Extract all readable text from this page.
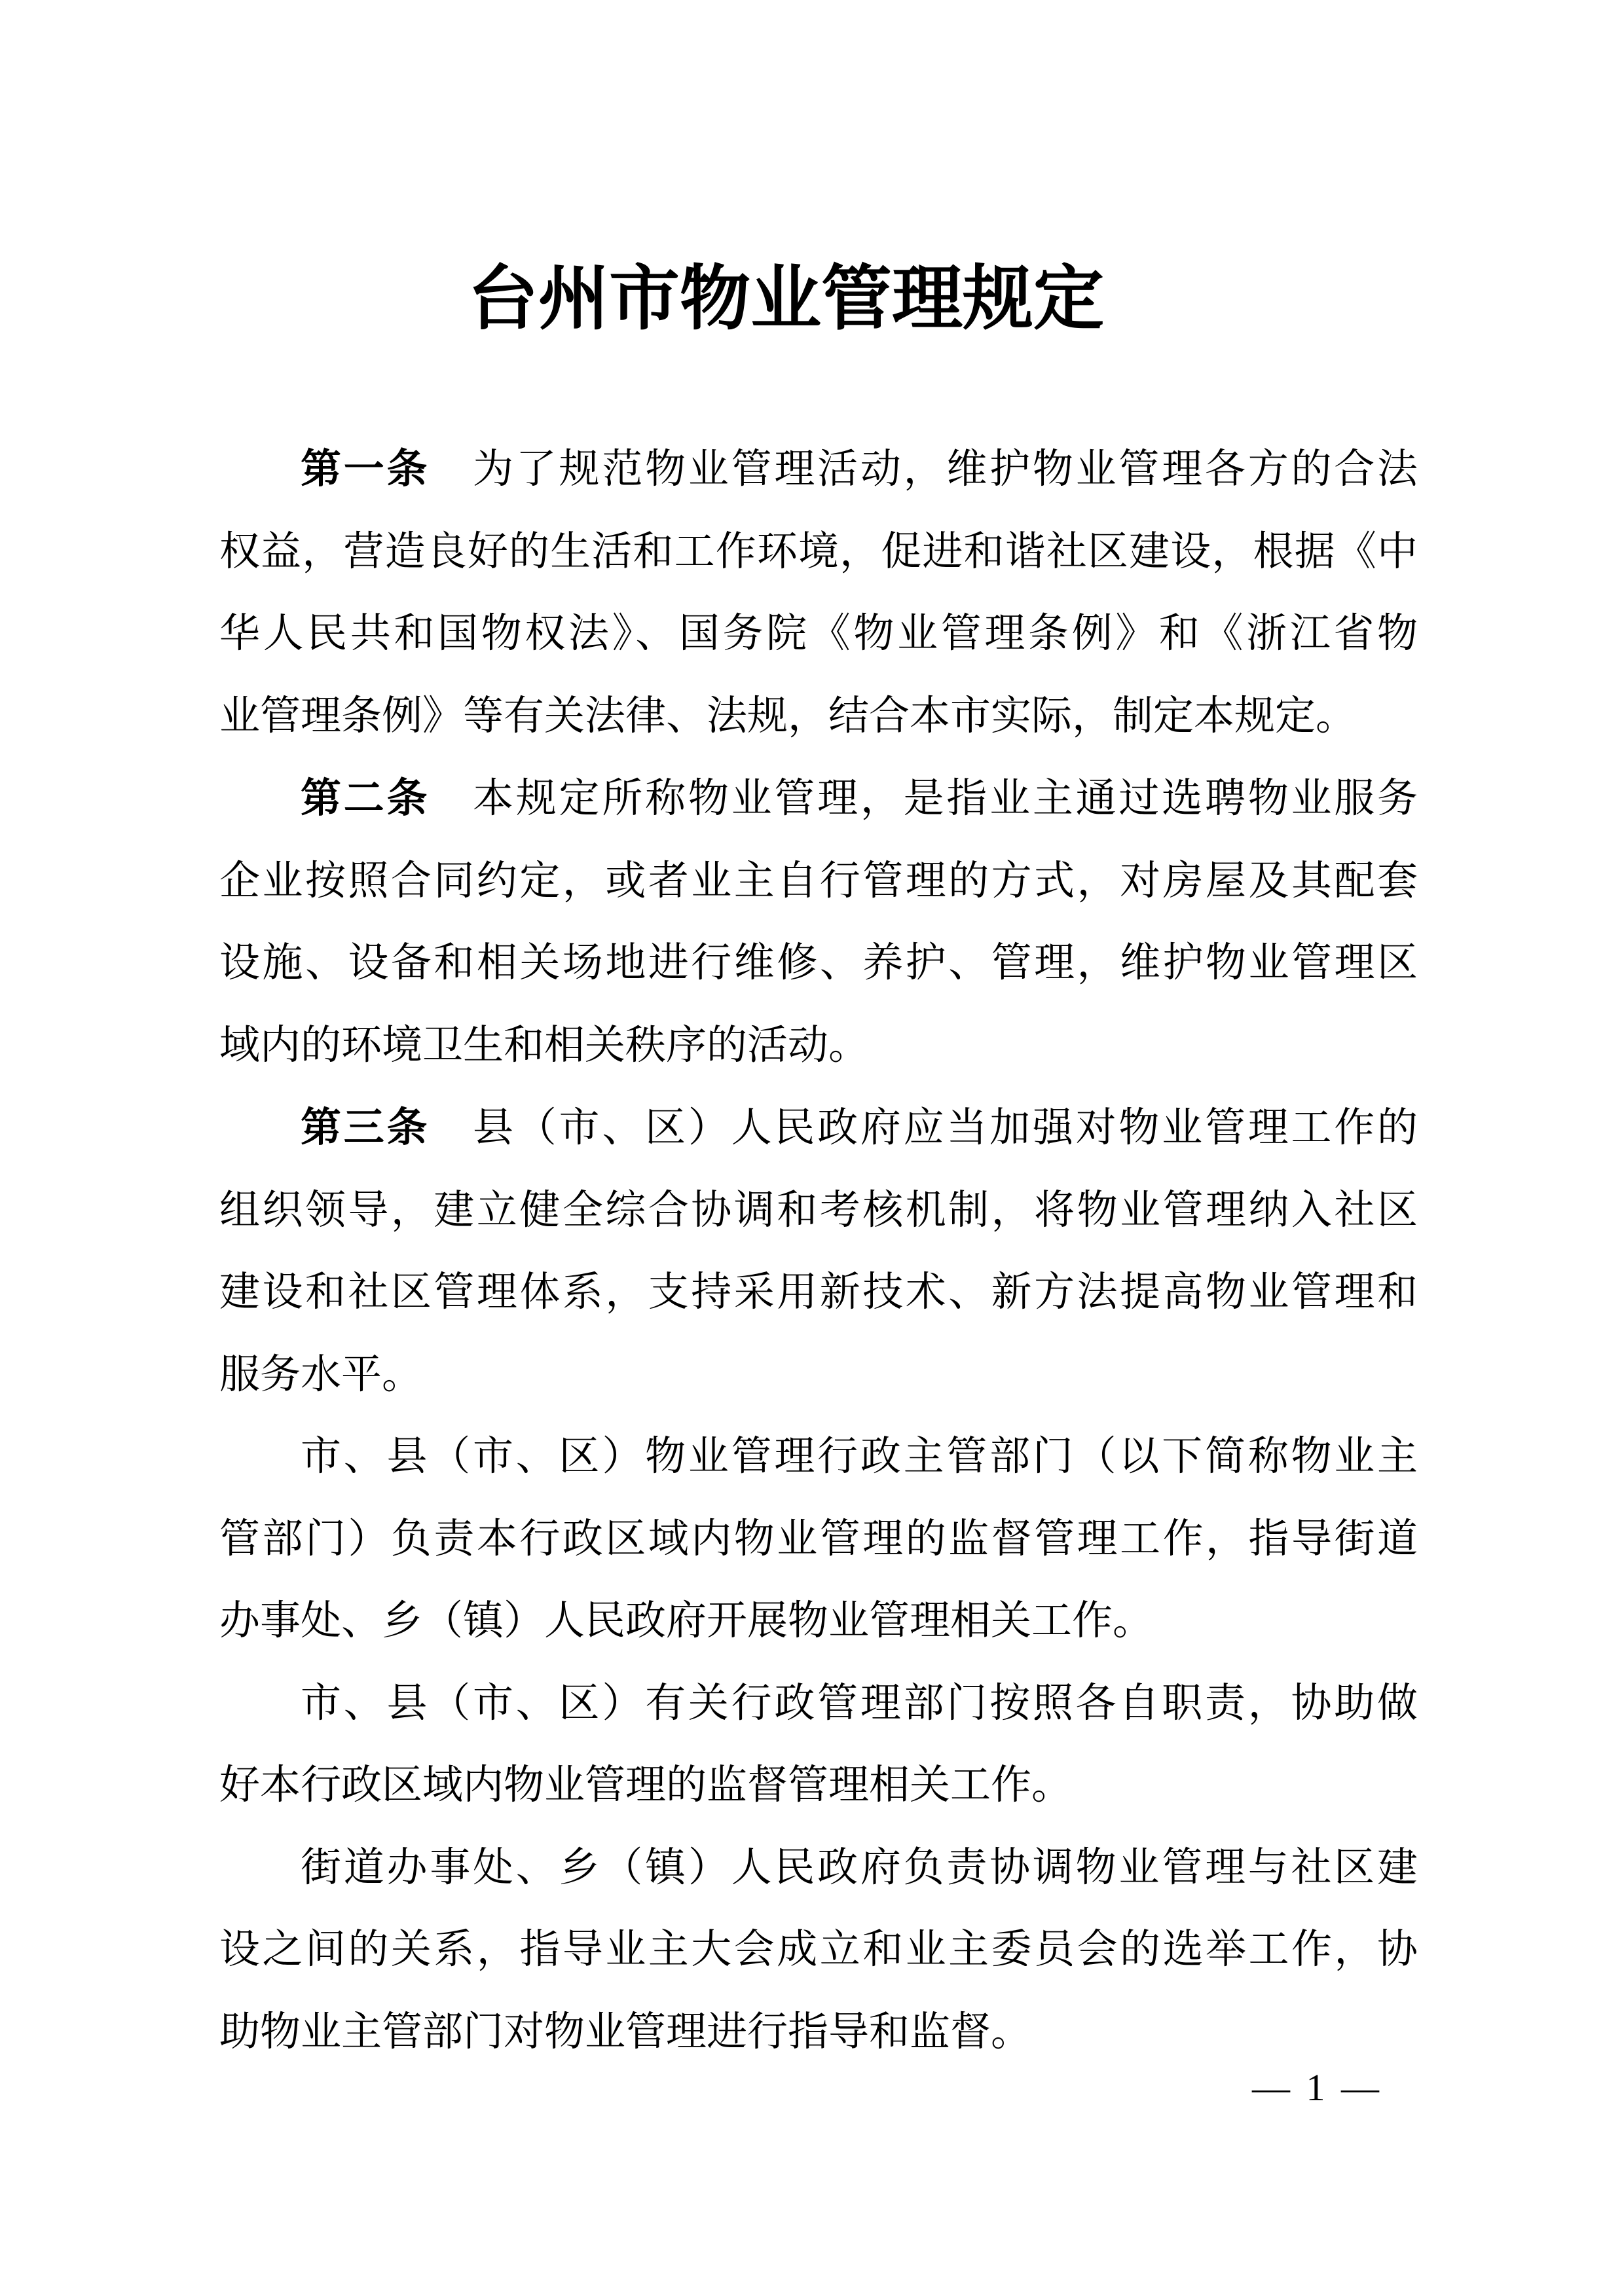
台州市物业管理规定
第一条 为了规范物业管理活动，维护物业管理各方的合法
权益，营造良好的生活和工作环境，促进和谐社区建设，根据《中
华人民共和国物权法》、国务院《物业管理条例》和《浙江省物
业管理条例》等有关法律、法规，结合本市实际，制定本规定。
第二条 本规定所称物业管理，是指业主通过选聘物业服务
企业按照合同约定，或者业主自行管理的方式，对房屋及其配套
设施、设备和相关场地进行维修、养护、管理，维护物业管理区
域内的环境卫生和相关秩序的活动。
第三条 县（市、区）人民政府应当加强对物业管理工作的
组织领导，建立健全综合协调和考核机制，将物业管理纳入社区
建设和社区管理体系，支持采用新技术、新方法提高物业管理和
服务水平。
市、县（市、区）物业管理行政主管部门（以下简称物业主
管部门）负责本行政区域内物业管理的监督管理工作，指导街道
办事处、乡（镇）人民政府开展物业管理相关工作。
市、县（市、区）有关行政管理部门按照各自职责，协助做
好本行政区域内物业管理的监督管理相关工作。
街道办事处、乡（镇）人民政府负责协调物业管理与社区建
设之间的关系，指导业主大会成立和业主委员会的选举工作，协
助物业主管部门对物业管理进行指导和监督。
— 1 —
